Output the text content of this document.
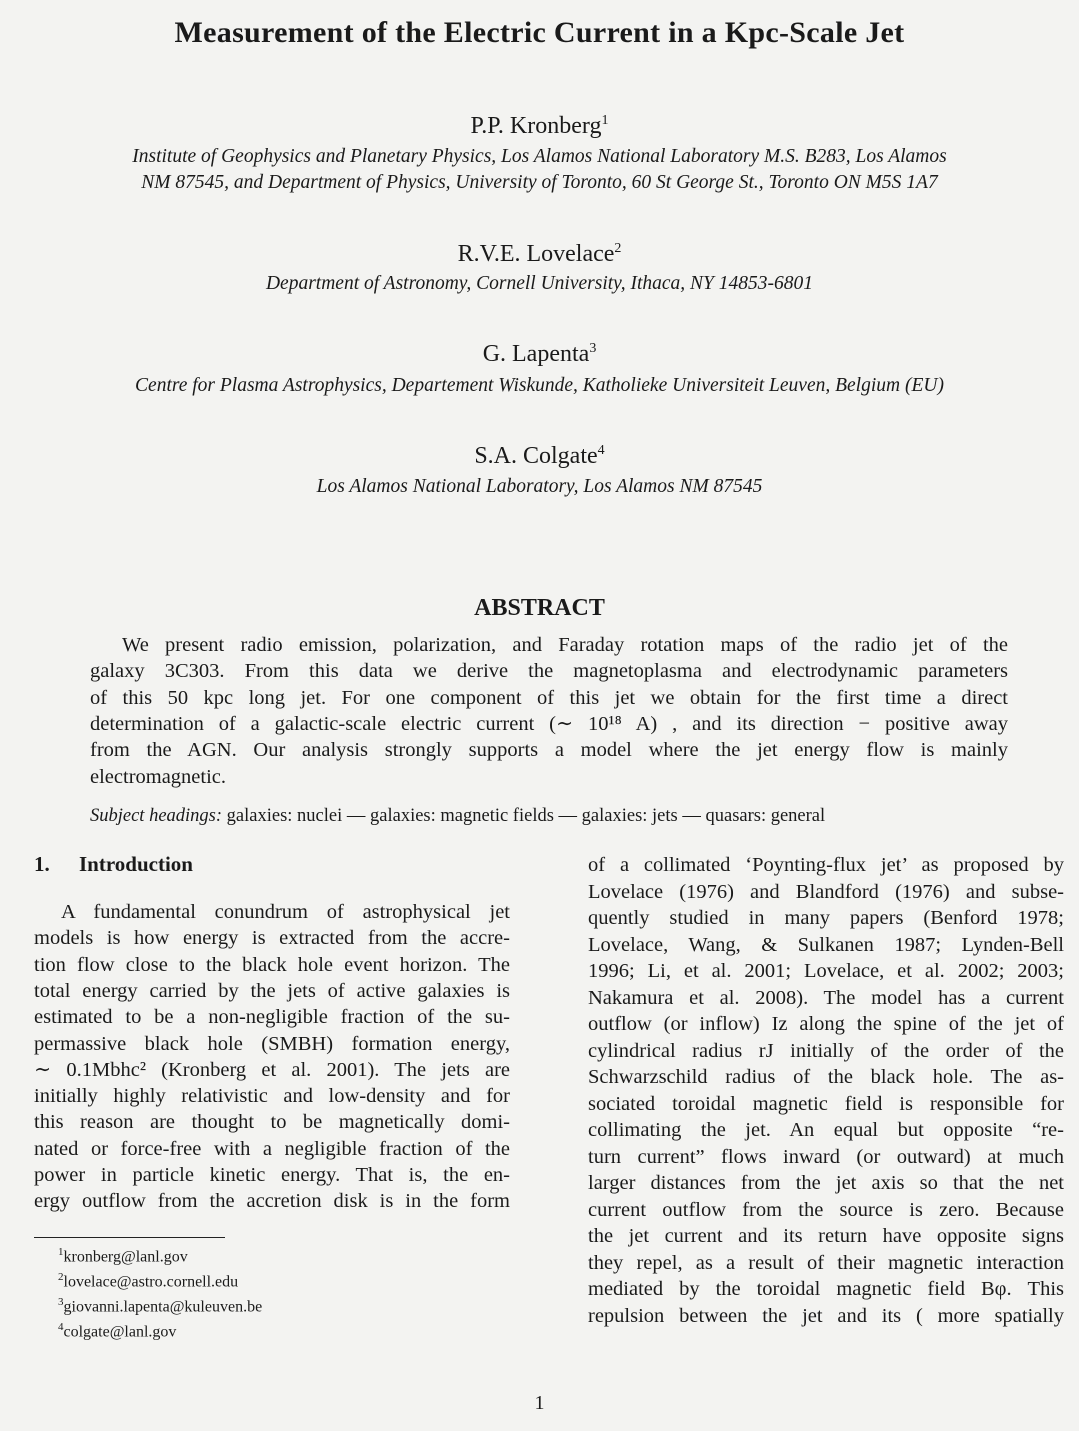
Measurement of the Electric Current in a Kpc-Scale Jet
P.P. Kronberg$^1$
Institute of Geophysics and Planetary Physics, Los Alamos National Laboratory M.S. B283, Los Alamos
NM 87545, and Department of Physics, University of Toronto, 60 St George St., Toronto ON M5S 1A7
R.V.E. Lovelace$^2$
Department of Astronomy, Cornell University, Ithaca, NY 14853-6801
G. Lapenta$^3$
Centre for Plasma Astrophysics, Departement Wiskunde, Katholieke Universiteit Leuven, Belgium (EU)
S.A. Colgate$^4$
Los Alamos National Laboratory, Los Alamos NM 87545
ABSTRACT
We present radio emission, polarization, and Faraday rotation maps of the radio jet of the
galaxy 3C303. From this data we derive the magnetoplasma and electrodynamic parameters
of this 50 kpc long jet. For one component of this jet we obtain for the first time a direct
determination of a galactic-scale electric current (∼ 10¹⁸ A) , and its direction − positive away
from the AGN. Our analysis strongly supports a model where the jet energy flow is mainly
electromagnetic.
Subject headings: galaxies: nuclei — galaxies: magnetic fields — galaxies: jets — quasars: general
1. Introduction
A fundamental conundrum of astrophysical jet
models is how energy is extracted from the accre-
tion flow close to the black hole event horizon. The
total energy carried by the jets of active galaxies is
estimated to be a non-negligible fraction of the su-
permassive black hole (SMBH) formation energy,
∼ 0.1Mbhc² (Kronberg et al. 2001). The jets are
initially highly relativistic and low-density and for
this reason are thought to be magnetically domi-
nated or force-free with a negligible fraction of the
power in particle kinetic energy. That is, the en-
ergy outflow from the accretion disk is in the form
of a collimated ‘Poynting-flux jet’ as proposed by
Lovelace (1976) and Blandford (1976) and subse-
quently studied in many papers (Benford 1978;
Lovelace, Wang, & Sulkanen 1987; Lynden-Bell
1996; Li, et al. 2001; Lovelace, et al. 2002; 2003;
Nakamura et al. 2008). The model has a current
outflow (or inflow) Iz along the spine of the jet of
cylindrical radius rJ initially of the order of the
Schwarzschild radius of the black hole. The as-
sociated toroidal magnetic field is responsible for
collimating the jet. An equal but opposite “re-
turn current” flows inward (or outward) at much
larger distances from the jet axis so that the net
current outflow from the source is zero. Because
the jet current and its return have opposite signs
they repel, as a result of their magnetic interaction
mediated by the toroidal magnetic field Bφ. This
repulsion between the jet and its ( more spatially
$^1$kronberg@lanl.gov
$^2$lovelace@astro.cornell.edu
$^3$giovanni.lapenta@kuleuven.be
$^4$colgate@lanl.gov
1
